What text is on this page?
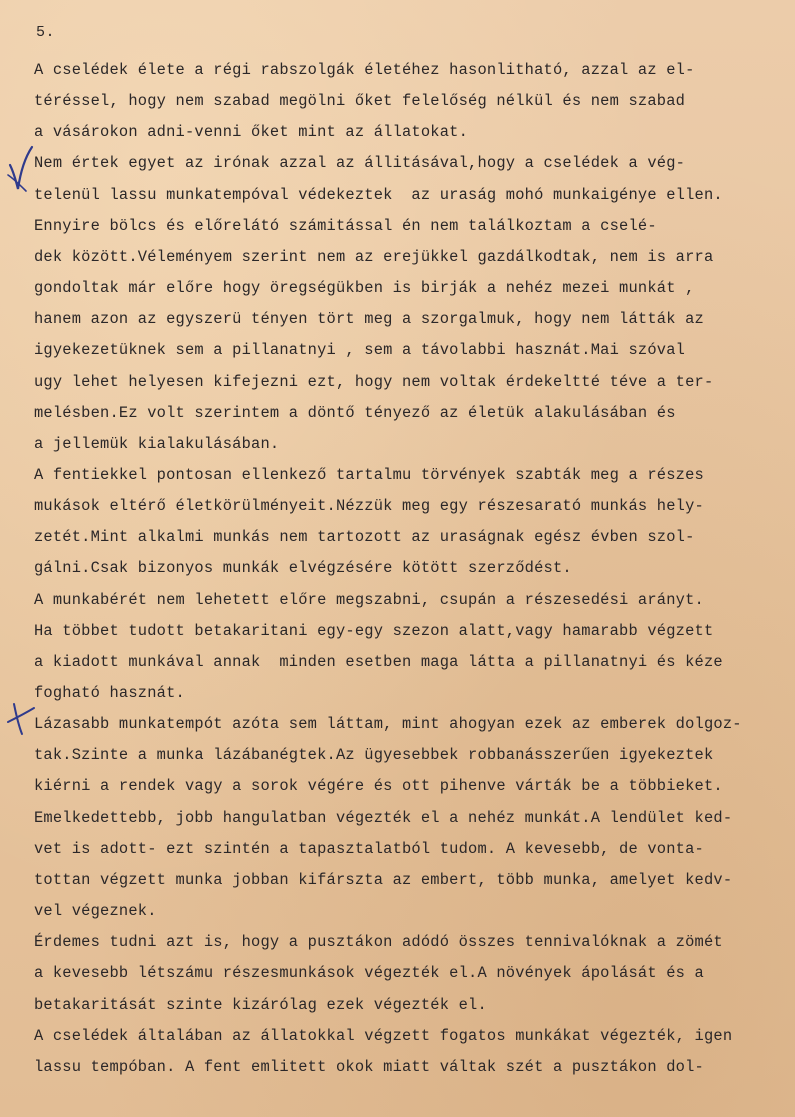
5.
A cselédek élete a régi rabszolgák életéhez hasonlitható, azzal az el-
téréssel, hogy nem szabad megölni őket felelőség nélkül és nem szabad
a vásárokon adni-venni őket mint az állatokat.
Nem értek egyet az irónak azzal az állitásával,hogy a cselédek a vég-
telenül lassu munkatempóval védekeztek  az uraság mohó munkaigénye ellen.
Ennyire bölcs és előrelátó számitással én nem találkoztam a cselé-
dek között.Véleményem szerint nem az erejükkel gazdálkodtak, nem is arra
gondoltak már előre hogy öregségükben is birják a nehéz mezei munkát ,
hanem azon az egyszerü tényen tört meg a szorgalmuk, hogy nem látták az
igyekezetüknek sem a pillanatnyi , sem a távolabbi hasznát.Mai szóval
ugy lehet helyesen kifejezni ezt, hogy nem voltak érdekeltté téve a ter-
melésben.Ez volt szerintem a döntő tényező az életük alakulásában és
a jellemük kialakulásában.
A fentiekkel pontosan ellenkező tartalmu törvények szabták meg a részes
mukások eltérő életkörülményeit.Nézzük meg egy részesarató munkás hely-
zetét.Mint alkalmi munkás nem tartozott az uraságnak egész évben szol-
gálni.Csak bizonyos munkák elvégzésére kötött szerződést.
A munkabérét nem lehetett előre megszabni, csupán a részesedési arányt.
Ha többet tudott betakaritani egy-egy szezon alatt,vagy hamarabb végzett
a kiadott munkával annak  minden esetben maga látta a pillanatnyi és kéze
fogható hasznát.
Lázasabb munkatempót azóta sem láttam, mint ahogyan ezek az emberek dolgoz-
tak.Szinte a munka lázábanégtek.Az ügyesebbek robbanásszerűen igyekeztek
kiérni a rendek vagy a sorok végére és ott pihenve várták be a többieket.
Emelkedettebb, jobb hangulatban végezték el a nehéz munkát.A lendület ked-
vet is adott- ezt szintén a tapasztalatból tudom. A kevesebb, de vonta-
tottan végzett munka jobban kifárszta az embert, több munka, amelyet kedv-
vel végeznek.
Érdemes tudni azt is, hogy a pusztákon adódó összes tennivalóknak a zömét
a kevesebb létszámu részesmunkások végezték el.A növények ápolását és a
betakaritását szinte kizárólag ezek végezték el.
A cselédek általában az állatokkal végzett fogatos munkákat végezték, igen
lassu tempóban. A fent emlitett okok miatt váltak szét a pusztákon dol-
